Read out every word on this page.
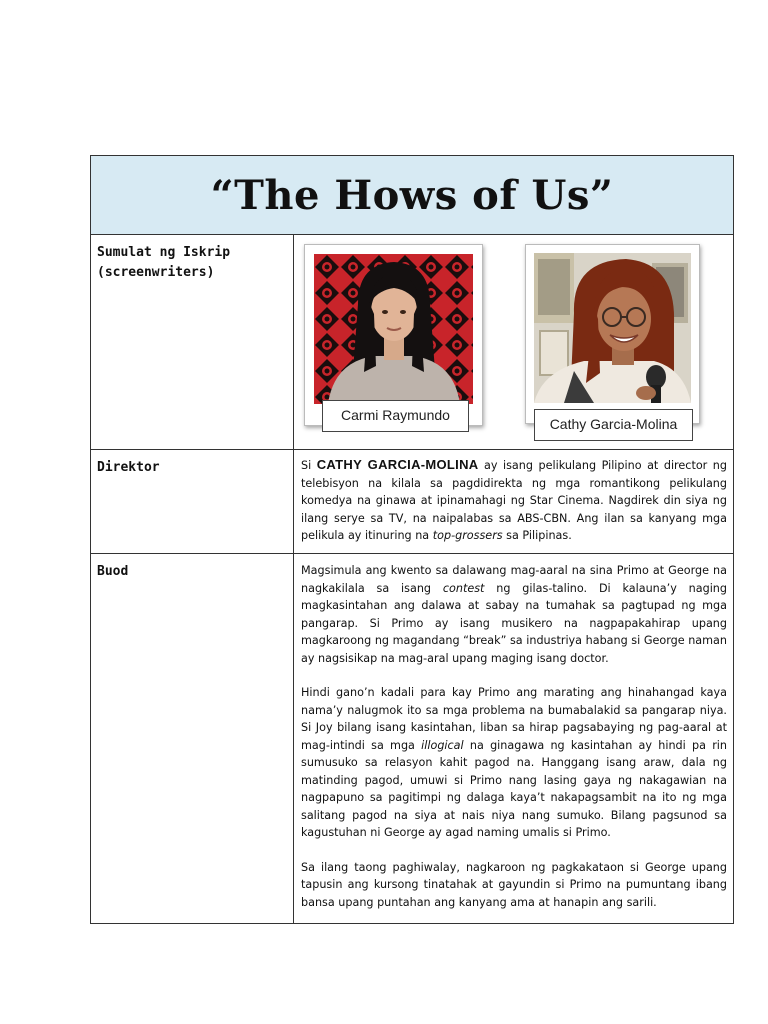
“The Hows of Us”
Sumulat ng Iskrip
(screenwriters)
Carmi Raymundo
Cathy Garcia-Molina
Direktor	Si CATHY GARCIA-MOLINA ay isang pelikulang Pilipino at director ng telebisyon na kilala sa pagdidirekta ng mga romantikong pelikulang komedya na ginawa at ipinamahagi ng Star Cinema. Nagdirek din siya ng ilang serye sa TV, na naipalabas sa ABS-CBN. Ang ilan sa kanyang mga pelikula ay itinuring na top-grossers sa Pilipinas.
Buod	Magsimula ang kwento sa dalawang mag-aaral na sina Primo at George na nagkakilala sa isang contest ng gilas-talino. Di kalauna’y naging magkasintahan ang dalawa at sabay na tumahak sa pagtupad ng mga pangarap. Si Primo ay isang musikero na nagpapakahirap upang magkaroong ng magandang “break” sa industriya habang si George naman ay nagsisikap na mag-aral upang maging isang doctor.

Hindi gano’n kadali para kay Primo ang marating ang hinahangad kaya nama’y nalugmok ito sa mga problema na bumabalakid sa pangarap niya. Si Joy bilang isang kasintahan, liban sa hirap pagsabaying ng pag-aaral at mag-intindi sa mga illogical na ginagawa ng kasintahan ay hindi pa rin sumusuko sa relasyon kahit pagod na. Hanggang isang araw, dala ng matinding pagod, umuwi si Primo nang lasing gaya ng nakagawian na nagpapuno sa pagitimpi ng dalaga kaya’t nakapagsambit na ito ng mga salitang pagod na siya at nais niya nang sumuko. Bilang pagsunod sa kagustuhan ni George ay agad naming umalis si Primo.

Sa ilang taong paghiwalay, nagkaroon ng pagkakataon si George upang tapusin ang kursong tinatahak at gayundin si Primo na pumuntang ibang bansa upang puntahan ang kanyang ama at hanapin ang sarili.
